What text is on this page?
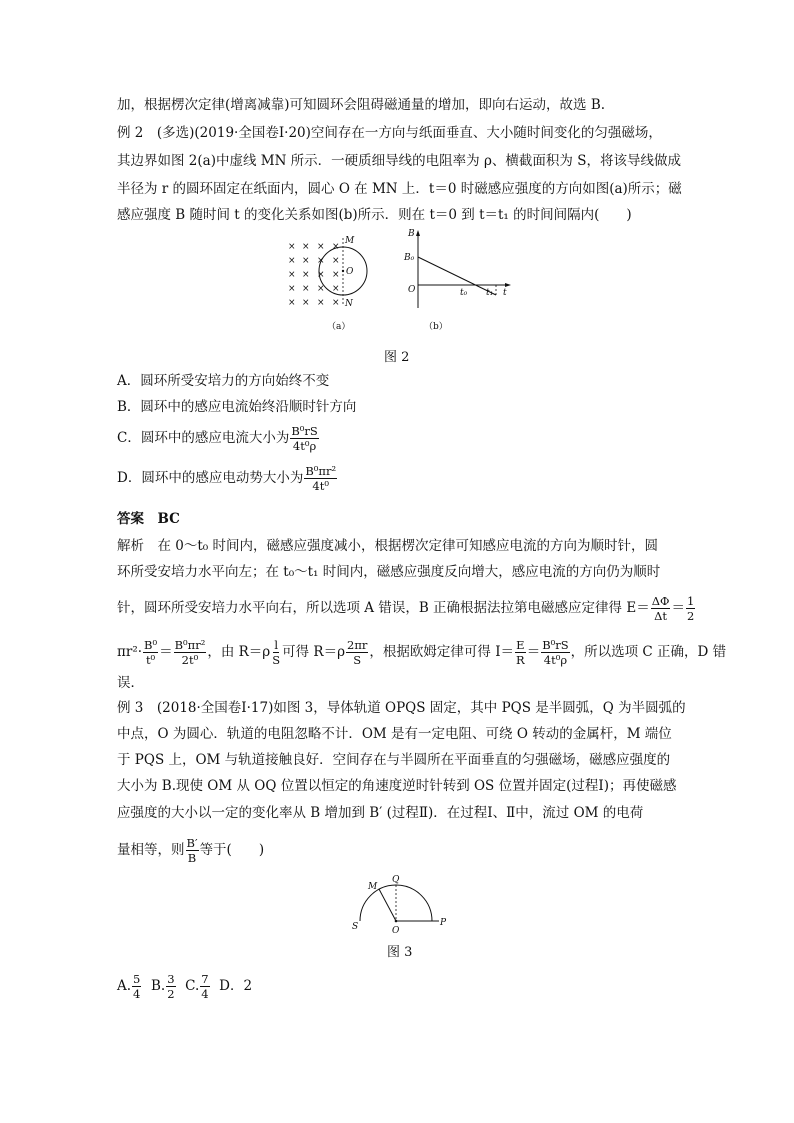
加，根据楞次定律(增离减靠)可知圆环会阻碍磁通量的增加，即向右运动，故选 B.
例 2　(多选)(2019·全国卷Ⅰ·20)空间存在一方向与纸面垂直、大小随时间变化的匀强磁场，
其边界如图 2(a)中虚线 MN 所示．一硬质细导线的电阻率为 ρ、横截面积为 S，将该导线做成
半径为 r 的圆环固定在纸面内，圆心 O 在 MN 上．t＝0 时磁感应强度的方向如图(a)所示；磁
感应强度 B 随时间 t 的变化关系如图(b)所示．则在 t＝0 到 t＝t₁ 的时间间隔内(　　)
× × × ×
× × × ×
× × × ×
× × × ×
× × × ×
M
O
N
（a）
B
B₀
O	t₀ t₁ t
（b）
图 2
A．圆环所受安培力的方向始终不变
B．圆环中的感应电流始终沿顺时针方向
C．圆环中的感应电流大小为 $\frac{\text{B⁰rS}}{\text{4t⁰ρ}}$
D．圆环中的感应电动势大小为 $\frac{\text{B⁰πr²}}{\text{4t⁰}}$
答案　BC
解析　在 0～t₀ 时间内，磁感应强度减小，根据楞次定律可知感应电流的方向为顺时针，圆
环所受安培力水平向左；在 t₀～t₁ 时间内，磁感应强度反向增大，感应电流的方向仍为顺时
针，圆环所受安培力水平向右，所以选项 A 错误，B 正确根据法拉第电磁感应定律得 $E= \frac{\Delta\Phi}{\Delta t} = \frac{1}{2}$
$\pi r^2\cdot \frac{\text{B⁰}}{\text{t⁰}} = \frac{\text{B⁰πr²}}{\text{2t⁰}}$ ，由 $R=\rho \frac{l}{S}$ 可得 $R=\rho \frac{2\pi r}{S}$ ，根据欧姆定律可得 $I= \frac{E}{R} = \frac{\text{B⁰rS}}{\text{4t⁰ρ}}$ ，所以选项 C 正确，D 错
误．
例 3　(2018·全国卷Ⅰ·17)如图 3，导体轨道 OPQS 固定，其中 PQS 是半圆弧，Q 为半圆弧的
中点，O 为圆心．轨道的电阻忽略不计．OM 是有一定电阻、可绕 O 转动的金属杆，M 端位
于 PQS 上，OM 与轨道接触良好．空间存在与半圆所在平面垂直的匀强磁场，磁感应强度的
大小为 B.现使 OM 从 OQ 位置以恒定的角速度逆时针转到 OS 位置并固定(过程Ⅰ)；再使磁感
应强度的大小以一定的变化率从 B 增加到 B′ (过程Ⅱ)．在过程Ⅰ、Ⅱ中，流过 OM 的电荷
量相等，则 $\frac{B'}{B}$ 等于(　　)
M
Q
S	O
P
图 3
A. $\frac{5}{4} B$. $\frac{3}{2} C$. $\frac{7}{4}$ D．2
